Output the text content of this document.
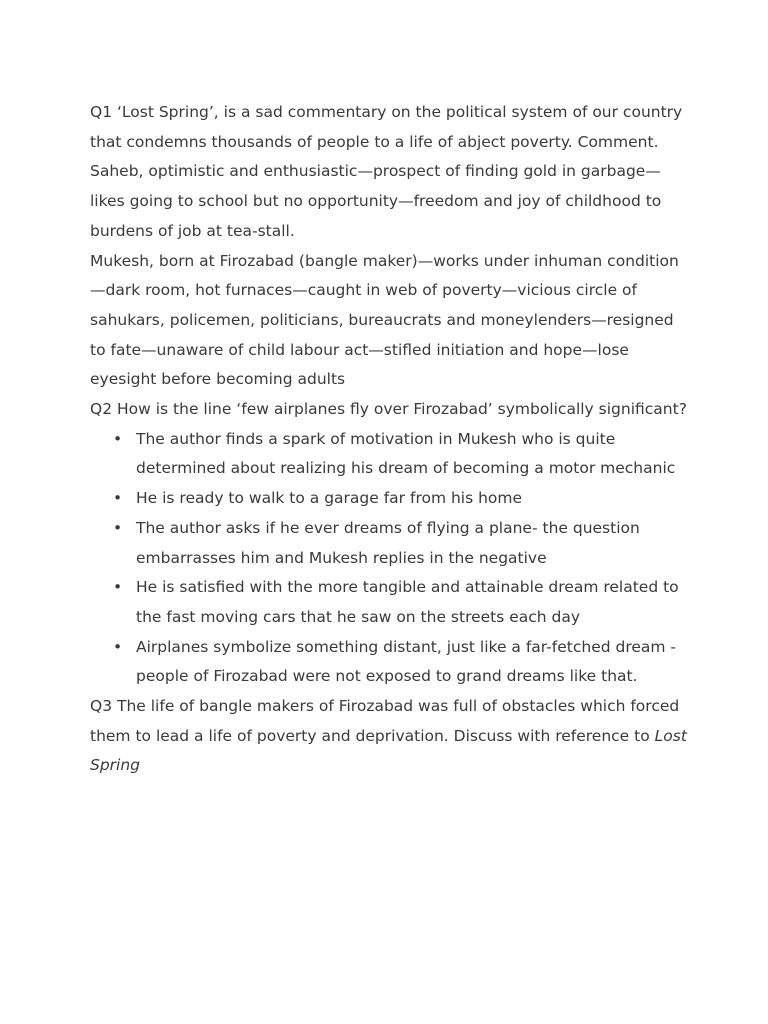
Q1 ‘Lost Spring’, is a sad commentary on the political system of our country that condemns thousands of people to a life of abject poverty. Comment.

Saheb, optimistic and enthusiastic—prospect of finding gold in garbage—likes going to school but no opportunity—freedom and joy of childhood to burdens of job at tea-stall.

Mukesh, born at Firozabad (bangle maker)—works under inhuman condition—dark room, hot furnaces—caught in web of poverty—vicious circle of sahukars, policemen, politicians, bureaucrats and moneylenders—resigned to fate—unaware of child labour act—stifled initiation and hope—lose eyesight before becoming adults

Q2 How is the line ‘few airplanes fly over Firozabad’ symbolically significant?

• The author finds a spark of motivation in Mukesh who is quite determined about realizing his dream of becoming a motor mechanic
• He is ready to walk to a garage far from his home
• The author asks if he ever dreams of flying a plane- the question embarrasses him and Mukesh replies in the negative
• He is satisfied with the more tangible and attainable dream related to the fast moving cars that he saw on the streets each day
• Airplanes symbolize something distant, just like a far-fetched dream -people of Firozabad were not exposed to grand dreams like that.

Q3 The life of bangle makers of Firozabad was full of obstacles which forced them to lead a life of poverty and deprivation. Discuss with reference to Lost Spring
